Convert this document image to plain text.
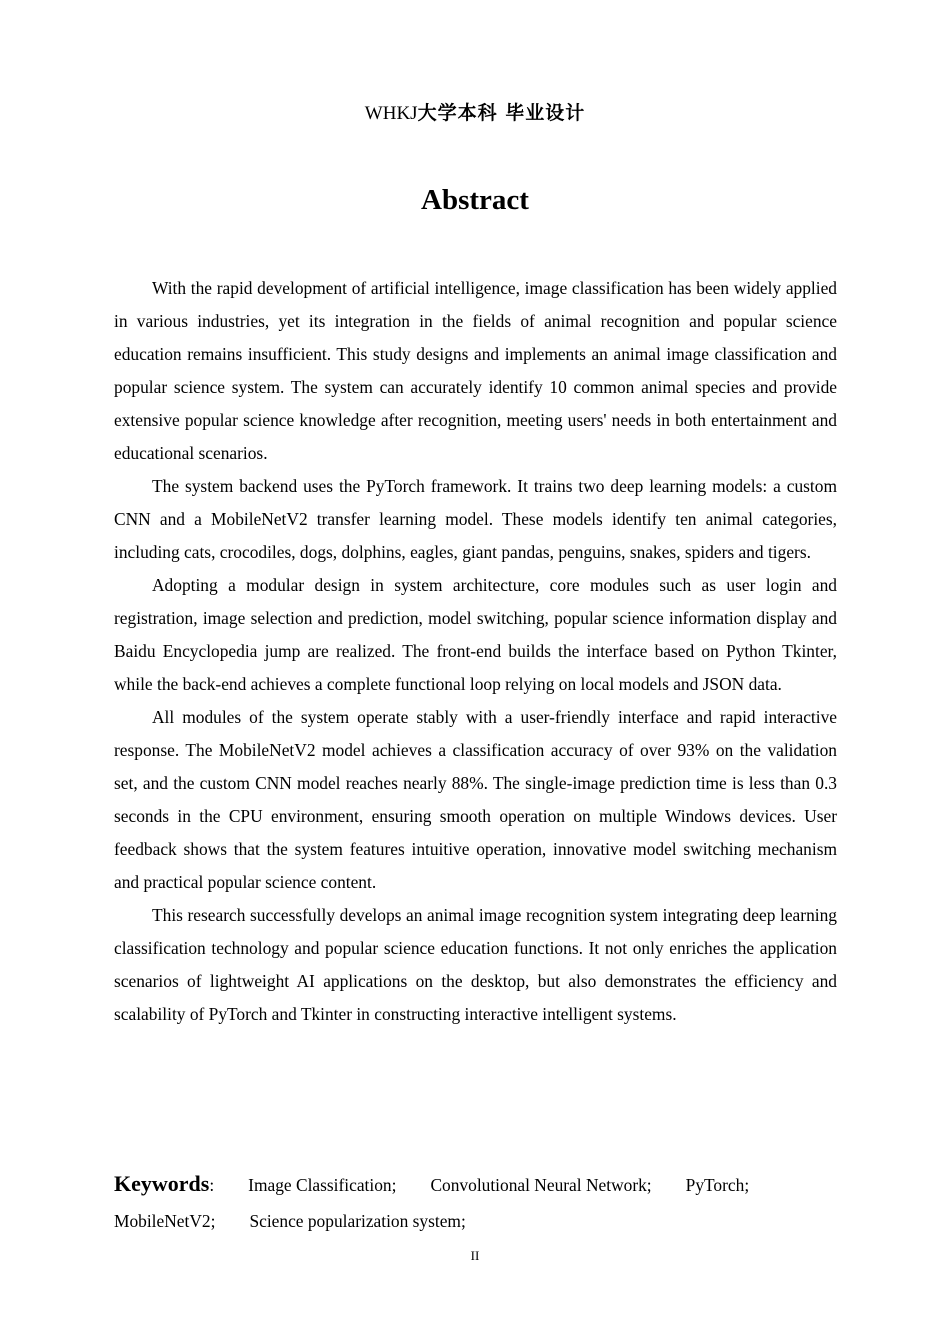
WHKJ大学本科 毕业设计
Abstract

With the rapid development of artificial intelligence, image classification has been widely applied in various industries, yet its integration in the fields of animal recognition and popular science education remains insufficient. This study designs and implements an animal image classification and popular science system. The system can accurately identify 10 common animal species and provide extensive popular science knowledge after recognition, meeting users' needs in both entertainment and educational scenarios.

The system backend uses the PyTorch framework. It trains two deep learning models: a custom CNN and a MobileNetV2 transfer learning model. These models identify ten animal categories, including cats, crocodiles, dogs, dolphins, eagles, giant pandas, penguins, snakes, spiders and tigers.

Adopting a modular design in system architecture, core modules such as user login and registration, image selection and prediction, model switching, popular science information display and Baidu Encyclopedia jump are realized. The front-end builds the interface based on Python Tkinter, while the back-end achieves a complete functional loop relying on local models and JSON data.

All modules of the system operate stably with a user-friendly interface and rapid interactive response. The MobileNetV2 model achieves a classification accuracy of over 93% on the validation set, and the custom CNN model reaches nearly 88%. The single-image prediction time is less than 0.3 seconds in the CPU environment, ensuring smooth operation on multiple Windows devices. User feedback shows that the system features intuitive operation, innovative model switching mechanism and practical popular science content.

This research successfully develops an animal image recognition system integrating deep learning classification technology and popular science education functions. It not only enriches the application scenarios of lightweight AI applications on the desktop, but also demonstrates the efficiency and scalability of PyTorch and Tkinter in constructing interactive intelligent systems.

Keywords: Image Classification; Convolutional Neural Network; PyTorch;
MobileNetV2; Science popularization system;
II
